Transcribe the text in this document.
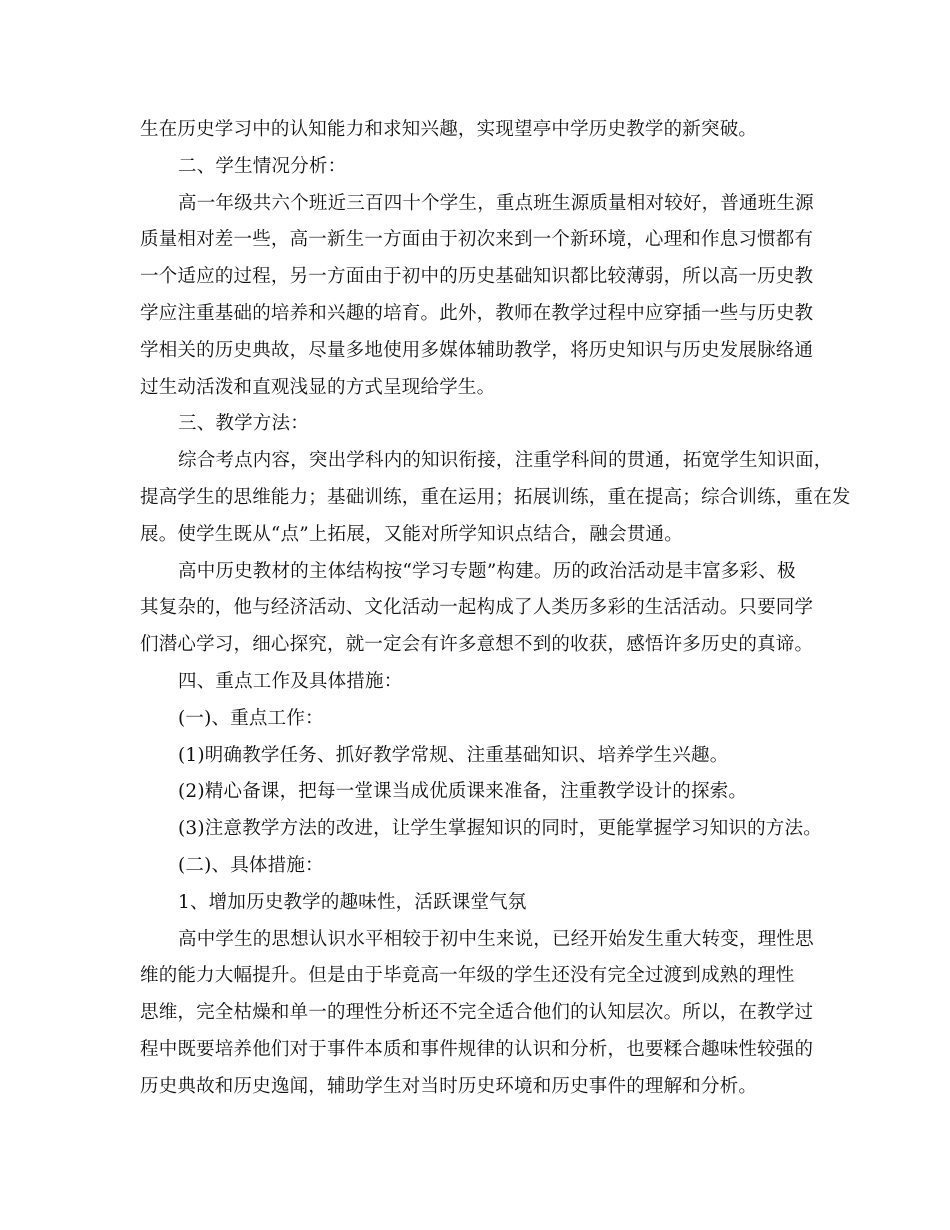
生在历史学习中的认知能力和求知兴趣，实现望亭中学历史教学的新突破。
二、学生情况分析：
高一年级共六个班近三百四十个学生，重点班生源质量相对较好，普通班生源
质量相对差一些，高一新生一方面由于初次来到一个新环境，心理和作息习惯都有
一个适应的过程，另一方面由于初中的历史基础知识都比较薄弱，所以高一历史教
学应注重基础的培养和兴趣的培育。此外，教师在教学过程中应穿插一些与历史教
学相关的历史典故，尽量多地使用多媒体辅助教学，将历史知识与历史发展脉络通
过生动活泼和直观浅显的方式呈现给学生。
三、教学方法：
综合考点内容，突出学科内的知识衔接，注重学科间的贯通，拓宽学生知识面，
提高学生的思维能力；基础训练，重在运用；拓展训练，重在提高；综合训练，重在发
展。使学生既从“点”上拓展，又能对所学知识点结合，融会贯通。
高中历史教材的主体结构按“学习专题”构建。历的政治活动是丰富多彩、极
其复杂的，他与经济活动、文化活动一起构成了人类历多彩的生活活动。只要同学
们潜心学习，细心探究，就一定会有许多意想不到的收获，感悟许多历史的真谛。
四、重点工作及具体措施：
(一)、重点工作：
(1)明确教学任务、抓好教学常规、注重基础知识、培养学生兴趣。
(2)精心备课，把每一堂课当成优质课来准备，注重教学设计的探索。
(3)注意教学方法的改进，让学生掌握知识的同时，更能掌握学习知识的方法。
(二)、具体措施：
1、增加历史教学的趣味性，活跃课堂气氛
高中学生的思想认识水平相较于初中生来说，已经开始发生重大转变，理性思
维的能力大幅提升。但是由于毕竟高一年级的学生还没有完全过渡到成熟的理性
思维，完全枯燥和单一的理性分析还不完全适合他们的认知层次。所以，在教学过
程中既要培养他们对于事件本质和事件规律的认识和分析，也要糅合趣味性较强的
历史典故和历史逸闻，辅助学生对当时历史环境和历史事件的理解和分析。
